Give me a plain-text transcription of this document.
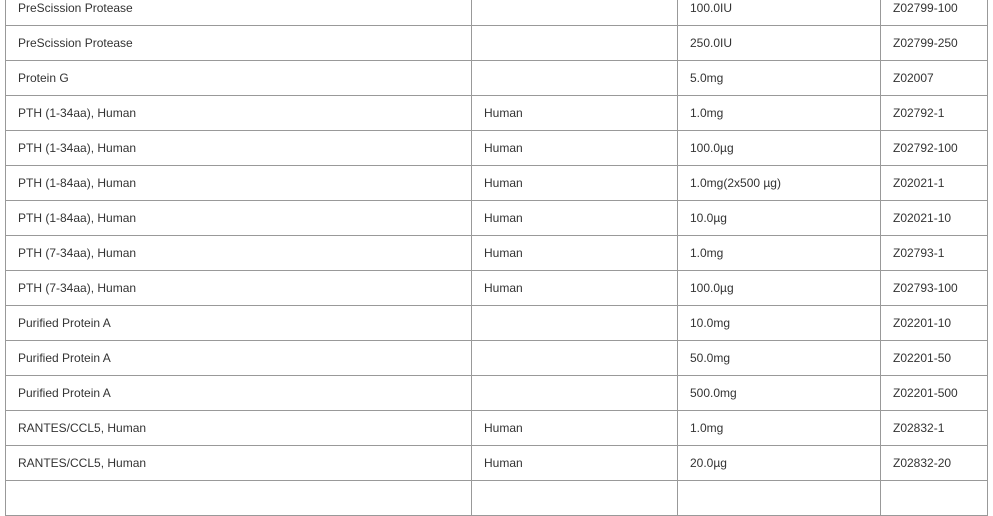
PreScission Protease		100.0IU	Z02799-100
PreScission Protease		250.0IU	Z02799-250
Protein G		5.0mg	Z02007
PTH (1-34aa), Human	Human	1.0mg	Z02792-1
PTH (1-34aa), Human	Human	100.0µg	Z02792-100
PTH (1-84aa), Human	Human	1.0mg(2x500 µg)	Z02021-1
PTH (1-84aa), Human	Human	10.0µg	Z02021-10
PTH (7-34aa), Human	Human	1.0mg	Z02793-1
PTH (7-34aa), Human	Human	100.0µg	Z02793-100
Purified Protein A		10.0mg	Z02201-10
Purified Protein A		50.0mg	Z02201-50
Purified Protein A		500.0mg	Z02201-500
RANTES/CCL5, Human	Human	1.0mg	Z02832-1
RANTES/CCL5, Human	Human	20.0µg	Z02832-20
